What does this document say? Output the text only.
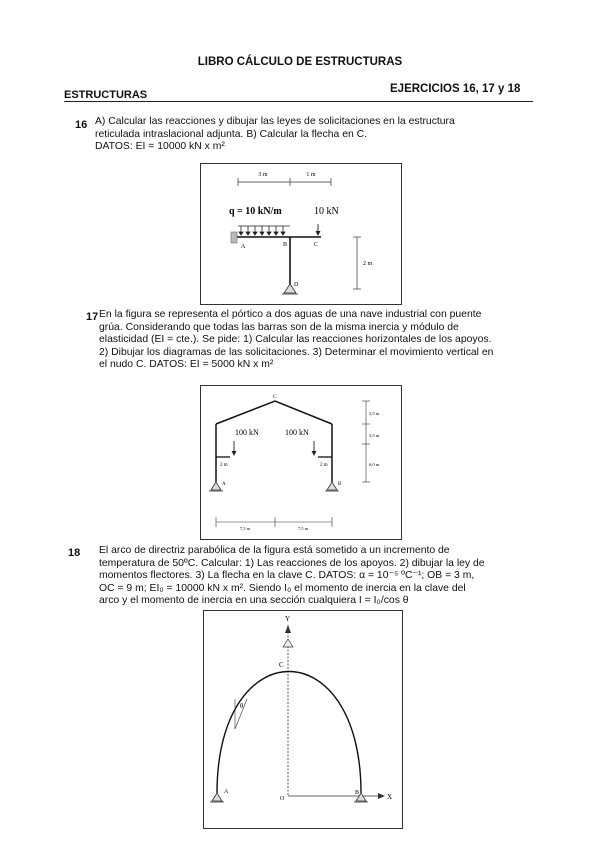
LIBRO CÁLCULO DE ESTRUCTURAS
EJERCICIOS 16, 17 y 18
ESTRUCTURAS
16 A) Calcular las reacciones y dibujar las leyes de solicitaciones en la estructura
reticulada intraslacional adjunta. B) Calcular la flecha en C.
DATOS: EI = 10000 kN x m²
3 m	1 m
q = 10 kN/m	10 kN
A	B	C
D
2 m
17 En la figura se representa el pórtico a dos aguas de una nave industrial con puente
grúa. Considerando que todas las barras son de la misma inercia y módulo de
elasticidad (EI = cte.). Se pide: 1) Calcular las reacciones horizontales de los apoyos.
2) Dibujar los diagramas de las solicitaciones. 3) Determinar el movimiento vertical en
el nudo C. DATOS: EI = 5000 kN x m²
C
2 m	2 m
100 kN	100 kN
A	B
3,5 m
3,5 m
6,0 m
7,5 m	7,5 m
18 El arco de directriz parabólica de la figura está sometido a un incremento de
temperatura de 50ºC. Calcular: 1) Las reacciones de los apoyos. 2) dibujar la ley de
momentos flectores. 3) La flecha en la clave C. DATOS: α = 10⁻⁵ ºC⁻¹; OB = 3 m,
OC = 9 m; EI₀ = 10000 kN x m². Siendo I₀ el momento de inercia en la clave del
arco y el momento de inercia en una sección cualquiera I = I₀/cos θ
Y
X
C
θ
A
O
B
